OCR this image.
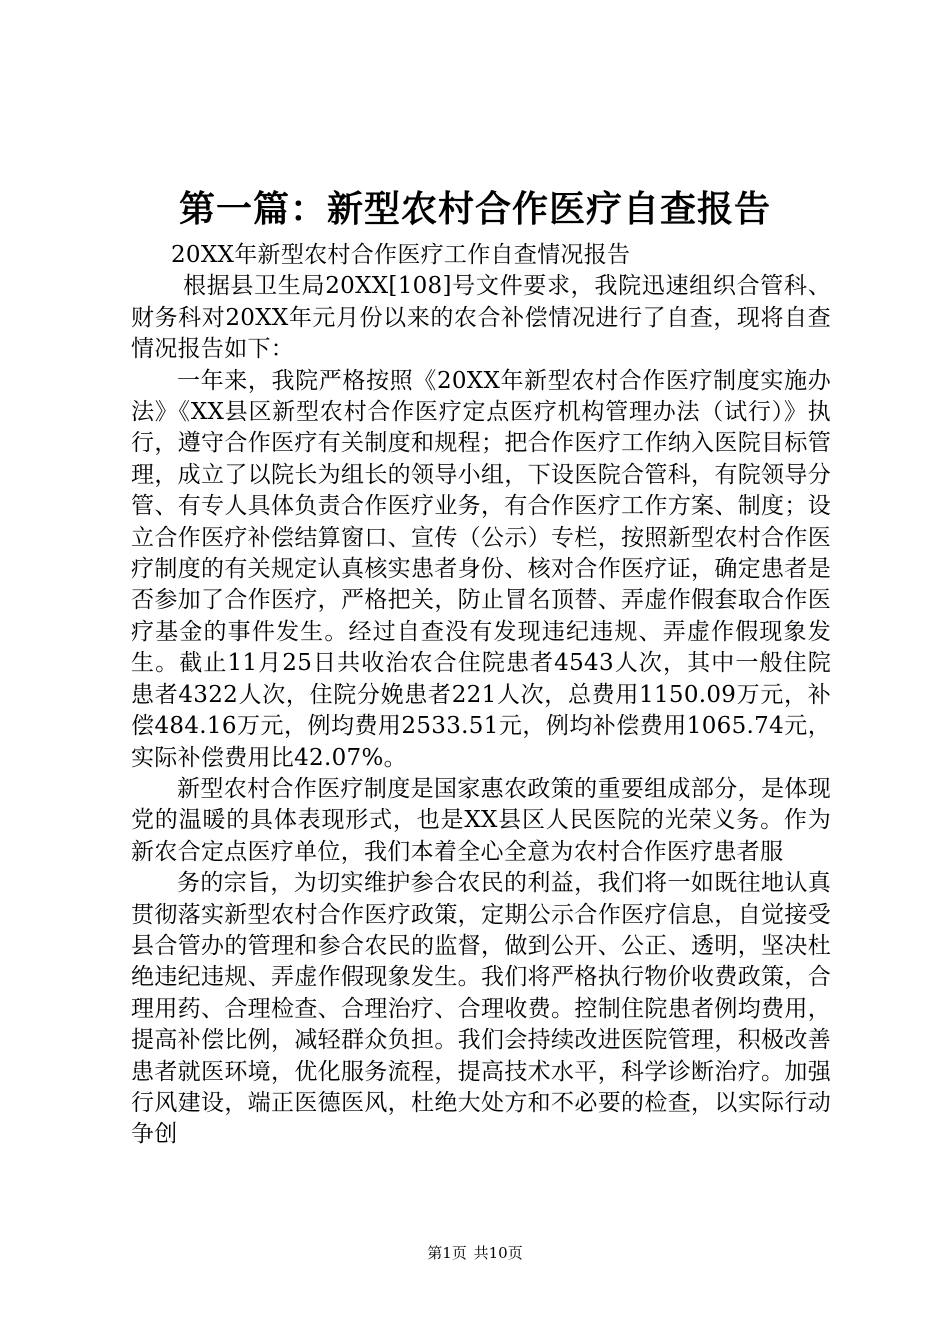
第一篇：新型农村合作医疗自查报告

20XX年新型农村合作医疗工作自查情况报告

根据县卫生局20XX[108]号文件要求，我院迅速组织合管科、财务科对20XX年元月份以来的农合补偿情况进行了自查，现将自查情况报告如下：

一年来，我院严格按照《20XX年新型农村合作医疗制度实施办法》《XX县区新型农村合作医疗定点医疗机构管理办法（试行）》执行，遵守合作医疗有关制度和规程；把合作医疗工作纳入医院目标管理，成立了以院长为组长的领导小组，下设医院合管科，有院领导分管、有专人具体负责合作医疗业务，有合作医疗工作方案、制度；设立合作医疗补偿结算窗口、宣传（公示）专栏，按照新型农村合作医疗制度的有关规定认真核实患者身份、核对合作医疗证，确定患者是否参加了合作医疗，严格把关，防止冒名顶替、弄虚作假套取合作医疗基金的事件发生。经过自查没有发现违纪违规、弄虚作假现象发生。截止11月25日共收治农合住院患者4543人次，其中一般住院患者4322人次，住院分娩患者221人次，总费用1150.09万元，补偿484.16万元，例均费用2533.51元，例均补偿费用1065.74元，实际补偿费用比42.07%。

新型农村合作医疗制度是国家惠农政策的重要组成部分，是体现党的温暖的具体表现形式，也是XX县区人民医院的光荣义务。作为新农合定点医疗单位，我们本着全心全意为农村合作医疗患者服

务的宗旨，为切实维护参合农民的利益，我们将一如既往地认真贯彻落实新型农村合作医疗政策，定期公示合作医疗信息，自觉接受县合管办的管理和参合农民的监督，做到公开、公正、透明，坚决杜绝违纪违规、弄虚作假现象发生。我们将严格执行物价收费政策，合理用药、合理检查、合理治疗、合理收费。控制住院患者例均费用，提高补偿比例，减轻群众负担。我们会持续改进医院管理，积极改善患者就医环境，优化服务流程，提高技术水平，科学诊断治疗。加强行风建设，端正医德医风，杜绝大处方和不必要的检查，以实际行动争创

第1页 共10页
